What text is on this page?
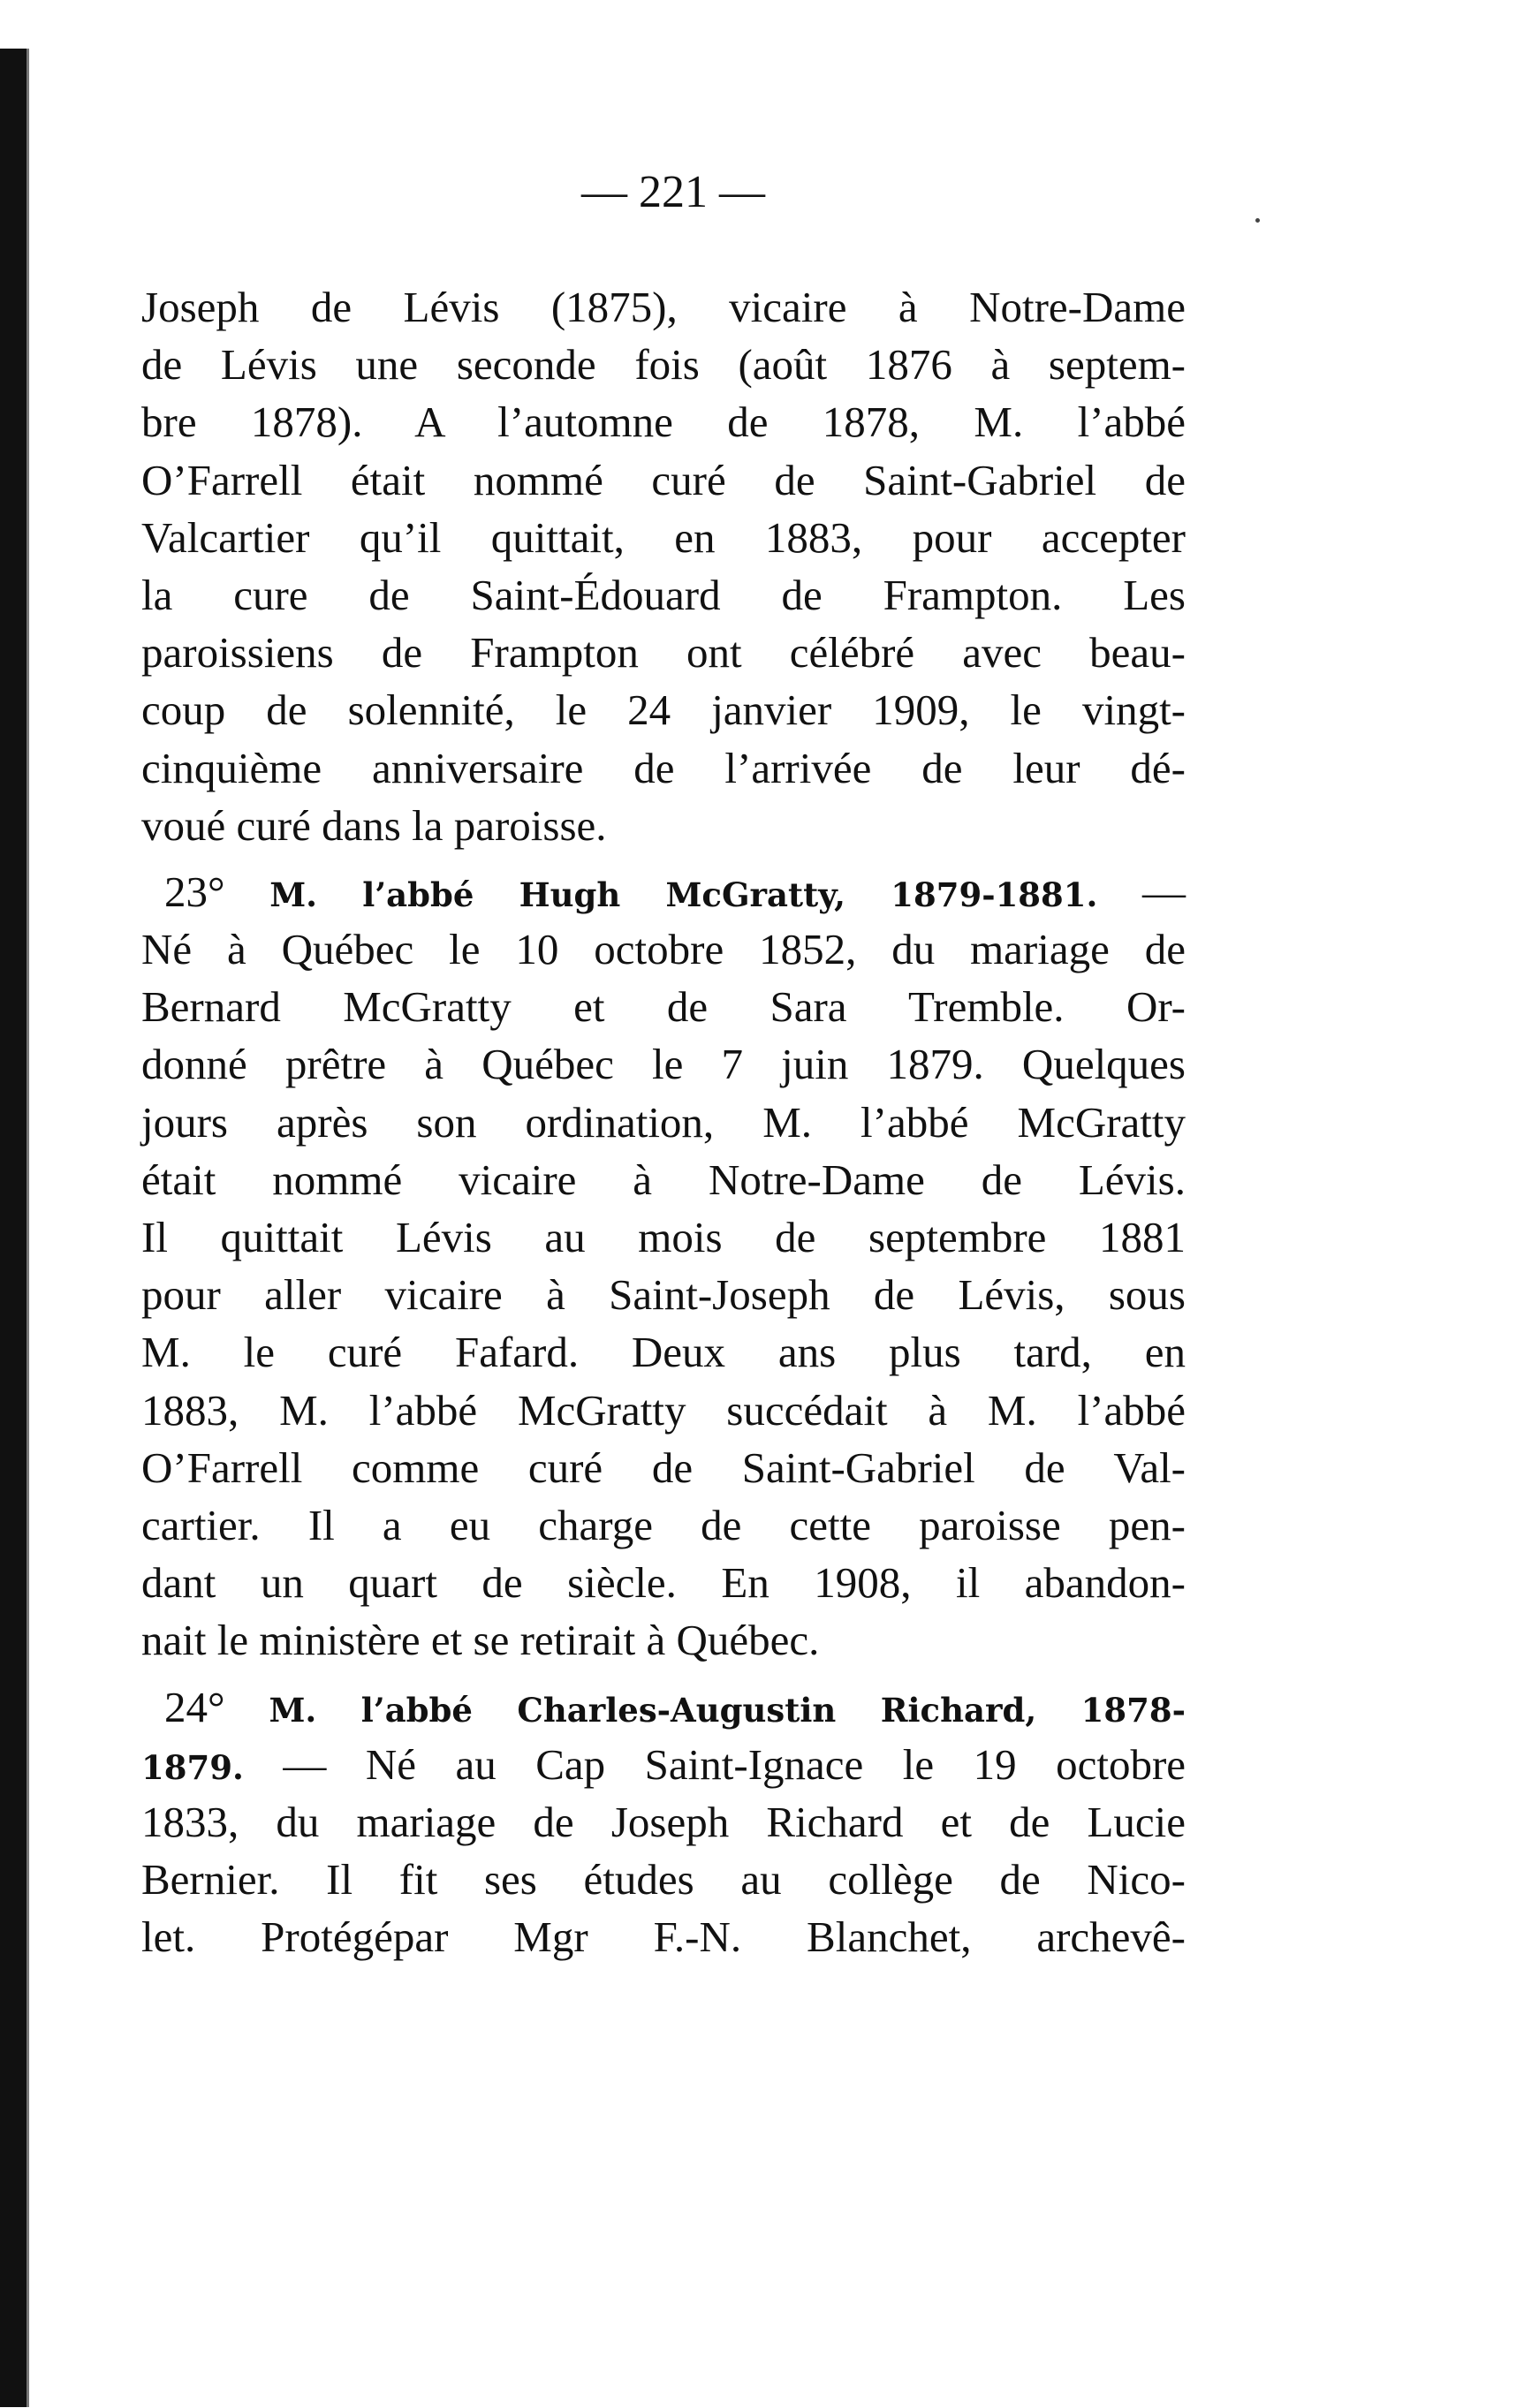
— 221 —
Joseph de Lévis (1875), vicaire à Notre-Dame
de Lévis une seconde fois (août 1876 à septem-
bre 1878). A l’automne de 1878, M. l’abbé
O’Farrell était nommé curé de Saint-Gabriel de
Valcartier qu’il quittait, en 1883, pour accepter
la cure de Saint-Édouard de Frampton. Les
paroissiens de Frampton ont célébré avec beau-
coup de solennité, le 24 janvier 1909, le vingt-
cinquième anniversaire de l’arrivée de leur dé-
voué curé dans la paroisse.
23° M. l’abbé Hugh McGratty, 1879-1881. —
Né à Québec le 10 octobre 1852, du mariage de
Bernard McGratty et de Sara Tremble. Or-
donné prêtre à Québec le 7 juin 1879. Quelques
jours après son ordination, M. l’abbé McGratty
était nommé vicaire à Notre-Dame de Lévis.
Il quittait Lévis au mois de septembre 1881
pour aller vicaire à Saint-Joseph de Lévis, sous
M. le curé Fafard. Deux ans plus tard, en
1883, M. l’abbé McGratty succédait à M. l’abbé
O’Farrell comme curé de Saint-Gabriel de Val-
cartier. Il a eu charge de cette paroisse pen-
dant un quart de siècle. En 1908, il abandon-
nait le ministère et se retirait à Québec.
24° M. l’abbé Charles-Augustin Richard, 1878-
1879. — Né au Cap Saint-Ignace le 19 octobre
1833, du mariage de Joseph Richard et de Lucie
Bernier. Il fit ses études au collège de Nico-
let. Protégépar Mgr F.-N. Blanchet, archevê-
